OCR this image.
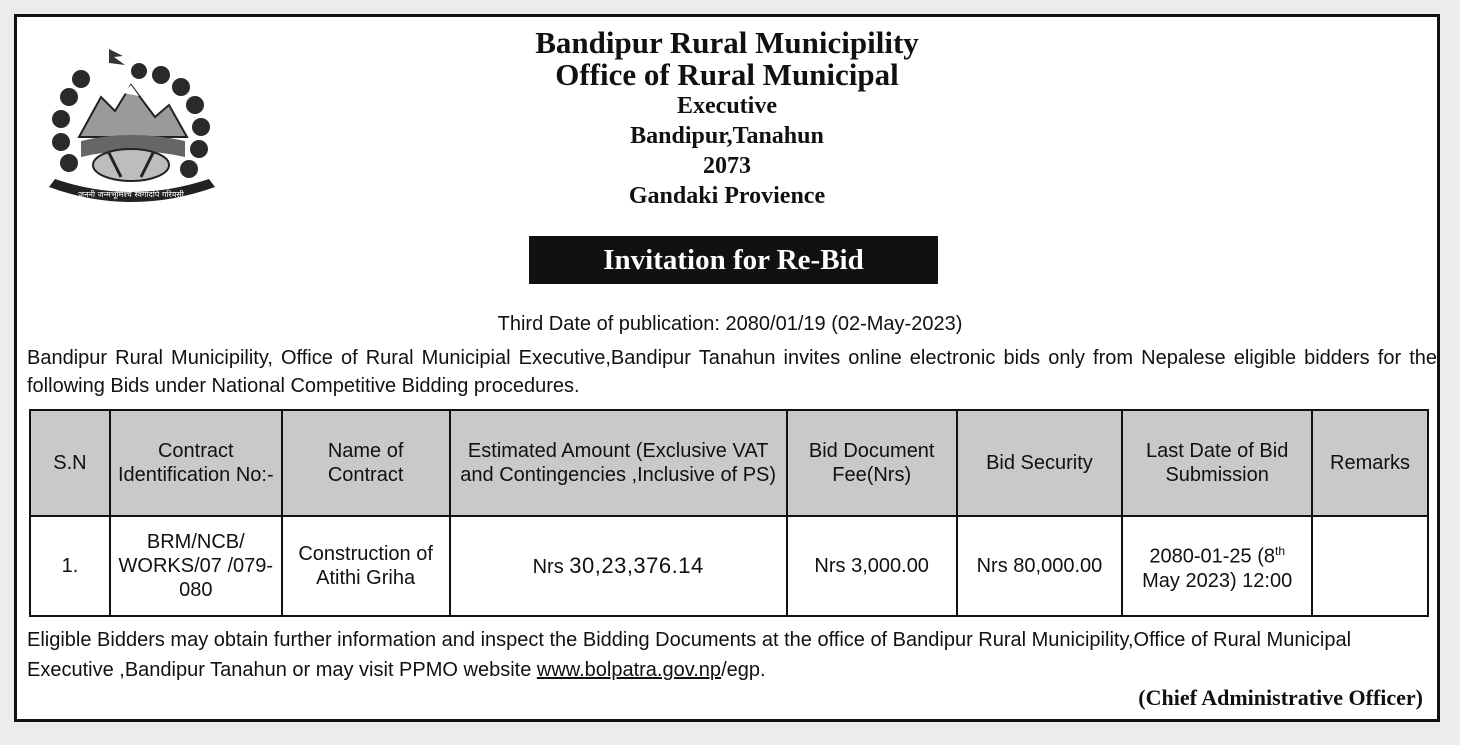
जननी जन्मभूमिश्च स्वर्गादपि गरियसी
Bandipur Rural Municipility
Office of Rural Municipal
Executive
Bandipur,Tanahun
2073
Gandaki Provience
Invitation for Re-Bid
Third Date of publication: 2080/01/19 (02-May-2023)
Bandipur Rural Municipility, Office of Rural Municipial Executive,Bandipur Tanahun invites online electronic bids only from Nepalese eligible bidders for the following Bids under National Competitive Bidding procedures.
S.N	Contract Identification No:-	Name of Contract	Estimated Amount (Exclusive VAT and Contingencies ,Inclusive of PS)	Bid Document Fee(Nrs)	Bid Security	Last Date of Bid Submission	Remarks
1.	BRM/NCB/ WORKS/07 /079-080	Construction of Atithi Griha	Nrs 30,23,376.14	Nrs 3,000.00	Nrs 80,000.00	2080-01-25 (8th
May 2023) 12:00	
Eligible Bidders may obtain further information and inspect the Bidding Documents at the office of Bandipur Rural Municipility,Office of Rural Municipal Executive ,Bandipur Tanahun or may visit PPMO website www.bolpatra.gov.np/egp.
(Chief Administrative Officer)
